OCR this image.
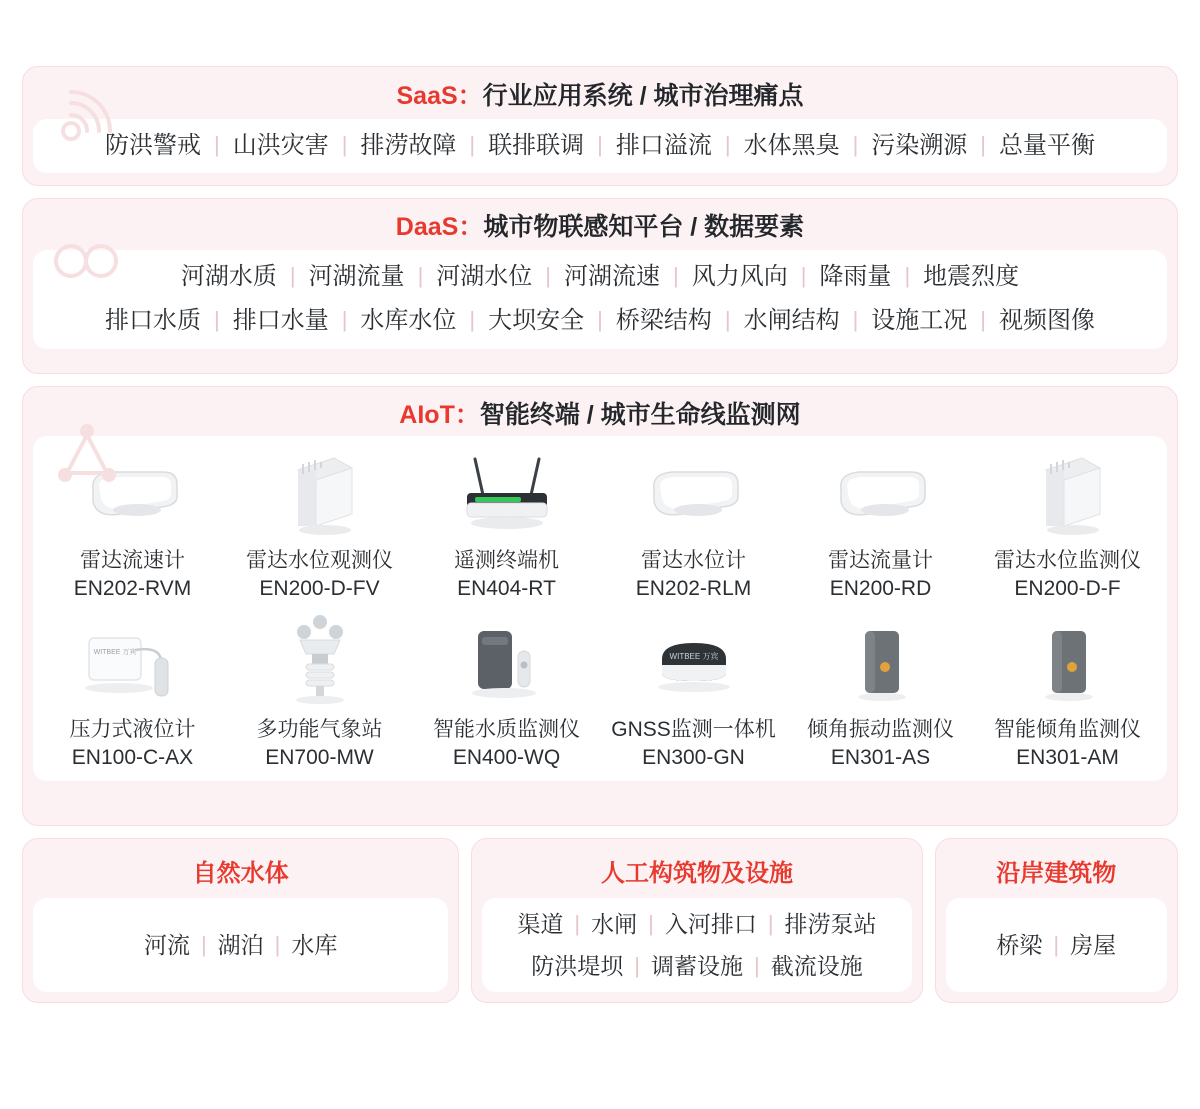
SaaS：行业应用系统 / 城市治理痛点
防洪警戒 | 山洪灾害 | 排涝故障 | 联排联调 | 排口溢流 | 水体黑臭 | 污染溯源 | 总量平衡
DaaS：城市物联感知平台 / 数据要素
河湖水质 | 河湖流量 | 河湖水位 | 河湖流速 | 风力风向 | 降雨量 | 地震烈度
排口水质 | 排口水量 | 水库水位 | 大坝安全 | 桥梁结构 | 水闸结构 | 设施工况 | 视频图像
AIoT：智能终端 / 城市生命线监测网
雷达流速计
EN202-RVM
雷达水位观测仪
EN200-D-FV
遥测终端机
EN404-RT
雷达水位计
EN202-RLM
雷达流量计
EN200-RD
雷达水位监测仪
EN200-D-F
WITBEE 万宾
压力式液位计
EN100-C-AX
多功能气象站
EN700-MW
智能水质监测仪
EN400-WQ
WITBEE 万宾
GNSS监测一体机
EN300-GN
倾角振动监测仪
EN301-AS
智能倾角监测仪
EN301-AM
自然水体
河流 | 湖泊 | 水库
人工构筑物及设施
渠道 | 水闸 | 入河排口 | 排涝泵站
防洪堤坝 | 调蓄设施 | 截流设施
沿岸建筑物
桥梁 | 房屋
